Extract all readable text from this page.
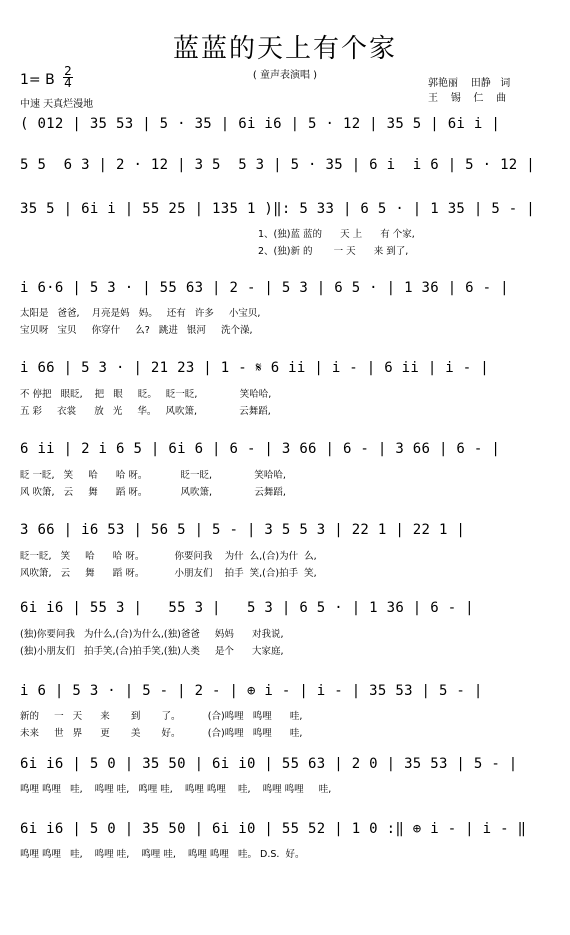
蓝蓝的天上有个家
( 童声表演唱 )
1= B
2
4
中速 天真烂漫地
郭艳丽    田静   词
王    锡    仁    曲
( 012 | 35 53 | 5 · 35 | 6i i6 | 5 · 12 | 35 5 | 6i i |
5 5  6 3 | 2 · 12 | 3 5  5 3 | 5 · 35 | 6 i  i 6 | 5 · 12 |
35 5 | 6i i | 55 25 | 135 1 )‖: 5 33 | 6 5 · | 1 35 | 5 - |
1、(独)蓝 蓝的      天 上      有 个家,
2、(独)新 的       一 天      来 到了,
i 6·6 | 5 3 · | 55 63 | 2 - | 5 3 | 6 5 · | 1 36 | 6 - |
太阳是   爸爸,    月亮是妈   妈。   还有   许多     小宝贝,
宝贝呀   宝贝     你穿什     么?   跳进   银河     洗个澡,
i 66 | 5 3 · | 21 23 | 1 - 𝄋 6 ii | i - | 6 ii | i - |
不 停把   眼眨,    把   眼     眨。   眨一眨,              笑哈哈,
五 彩     衣裳      放   光     华。   风吹箫,              云舞蹈,
6 ii | 2 i 6 5 | 6i 6 | 6 - | 3 66 | 6 - | 3 66 | 6 - |
眨 一眨,   笑     哈      哈 呀。           眨一眨,              笑哈哈,
风 吹箫,   云     舞      蹈 呀。           风吹箫,              云舞蹈,
3 66 | i6 53 | 56 5 | 5 - | 3 5 5 3 | 22 1 | 22 1 |
眨一眨,   笑     哈      哈 呀。          你要问我    为什  么,(合)为什  么,
风吹箫,   云     舞      蹈 呀。          小朋友们    拍手  笑,(合)拍手  笑,
6i i6 | 55 3 |   55 3 |   5 3 | 6 5 · | 1 36 | 6 - |
(独)你要问我   为什么,(合)为什么,(独)爸爸     妈妈      对我说,
(独)小朋友们   拍手笑,(合)拍手笑,(独)人类     是个      大家庭,
i 6 | 5 3 · | 5 - | 2 - | ⊕ i - | i - | 35 53 | 5 - |
新的     一   天      来       到       了。         (合)鸣哩   鸣哩      哇,
未来     世   界      更       美       好。         (合)鸣哩   鸣哩      哇,
6i i6 | 5 0 | 35 50 | 6i i0 | 55 63 | 2 0 | 35 53 | 5 - |
鸣哩 鸣哩   哇,    鸣哩 哇,   鸣哩 哇,    鸣哩 鸣哩    哇,    鸣哩 鸣哩     哇,
6i i6 | 5 0 | 35 50 | 6i i0 | 55 52 | 1 0 :‖ ⊕ i - | i - ‖
鸣哩 鸣哩   哇,    鸣哩 哇,    鸣哩 哇,    鸣哩 鸣哩   哇。 D.S.  好。
